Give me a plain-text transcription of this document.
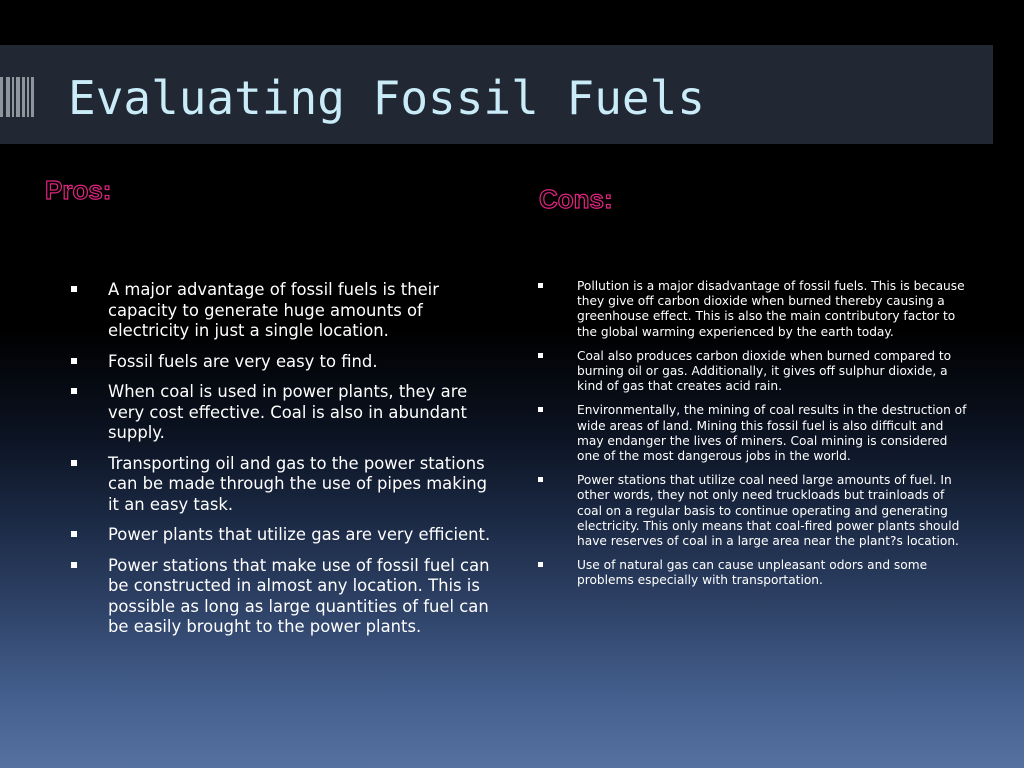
Evaluating Fossil Fuels
Pros:	Cons:
A major advantage of fossil fuels is their capacity to generate huge amounts of electricity in just a single location.
Fossil fuels are very easy to find.
When coal is used in power plants, they are very cost effective. Coal is also in abundant supply.
Transporting oil and gas to the power stations can be made through the use of pipes making it an easy task.
Power plants that utilize gas are very efficient.
Power stations that make use of fossil fuel can be constructed in almost any location. This is possible as long as large quantities of fuel can be easily brought to the power plants.
Pollution is a major disadvantage of fossil fuels. This is because they give off carbon dioxide when burned thereby causing a greenhouse effect. This is also the main contributory factor to the global warming experienced by the earth today.
Coal also produces carbon dioxide when burned compared to burning oil or gas. Additionally, it gives off sulphur dioxide, a kind of gas that creates acid rain.
Environmentally, the mining of coal results in the destruction of wide areas of land. Mining this fossil fuel is also difficult and may endanger the lives of miners. Coal mining is considered one of the most dangerous jobs in the world.
Power stations that utilize coal need large amounts of fuel. In other words, they not only need truckloads but trainloads of coal on a regular basis to continue operating and generating electricity. This only means that coal-fired power plants should have reserves of coal in a large area near the plant?s location.
Use of natural gas can cause unpleasant odors and some problems especially with transportation.
